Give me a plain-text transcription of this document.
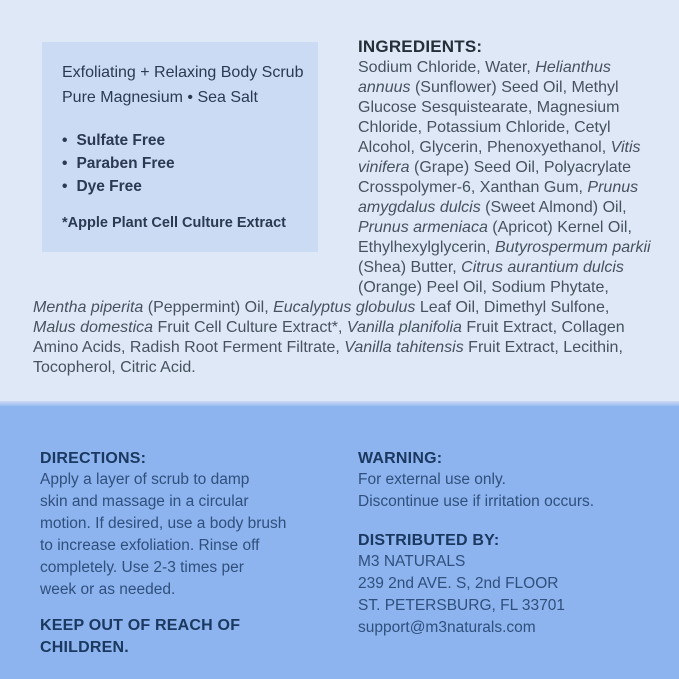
Exfoliating + Relaxing Body Scrub
Pure Magnesium • Sea Salt
• Sulfate Free
• Paraben Free
• Dye Free
*Apple Plant Cell Culture Extract
INGREDIENTS:
Sodium Chloride, Water, Helianthus annuus (Sunflower) Seed Oil, Methyl Glucose Sesquistearate, Magnesium Chloride, Potassium Chloride, Cetyl Alcohol, Glycerin, Phenoxyethanol, Vitis vinifera (Grape) Seed Oil, Polyacrylate Crosspolymer-6, Xanthan Gum, Prunus amygdalus dulcis (Sweet Almond) Oil, Prunus armeniaca (Apricot) Kernel Oil, Ethylhexylglycerin, Butyrospermum parkii (Shea) Butter, Citrus aurantium dulcis (Orange) Peel Oil, Sodium Phytate, Mentha piperita (Peppermint) Oil, Eucalyptus globulus Leaf Oil, Dimethyl Sulfone, Malus domestica Fruit Cell Culture Extract*, Vanilla planifolia Fruit Extract, Collagen Amino Acids, Radish Root Ferment Filtrate, Vanilla tahitensis Fruit Extract, Lecithin, Tocopherol, Citric Acid.
DIRECTIONS:
Apply a layer of scrub to damp
skin and massage in a circular
motion. If desired, use a body brush
to increase exfoliation. Rinse off
completely. Use 2-3 times per
week or as needed.
KEEP OUT OF REACH OF
CHILDREN.
WARNING:
For external use only.
Discontinue use if irritation occurs.
DISTRIBUTED BY:
M3 NATURALS
239 2nd AVE. S, 2nd FLOOR
ST. PETERSBURG, FL 33701
support@m3naturals.com
